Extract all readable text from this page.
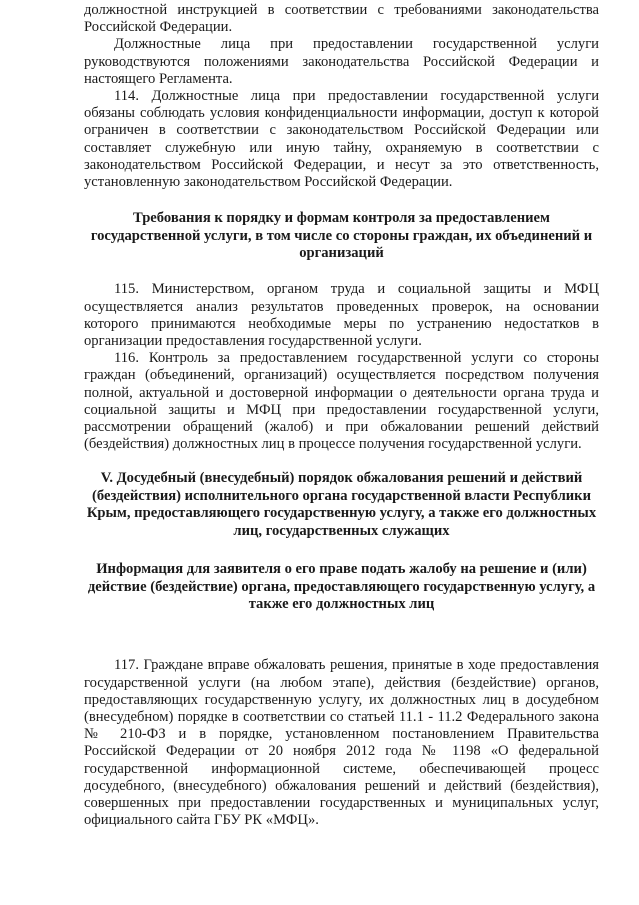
должностной инструкцией в соответствии с требованиями законодательства Российской Федерации.

Должностные лица при предоставлении государственной услуги руководствуются положениями законодательства Российской Федерации и настоящего Регламента.

114. Должностные лица при предоставлении государственной услуги обязаны соблюдать условия конфиденциальности информации, доступ к которой ограничен в соответствии с законодательством Российской Федерации или составляет служебную или иную тайну, охраняемую в соответствии с законодательством Российской Федерации, и несут за это ответственность, установленную законодательством Российской Федерации.

Требования к порядку и формам контроля за предоставлением государственной услуги, в том числе со стороны граждан, их объединений и организаций

115. Министерством, органом труда и социальной защиты и МФЦ осуществляется анализ результатов проведенных проверок, на основании которого принимаются необходимые меры по устранению недостатков в организации предоставления государственной услуги.

116. Контроль за предоставлением государственной услуги со стороны граждан (объединений, организаций) осуществляется посредством получения полной, актуальной и достоверной информации о деятельности органа труда и социальной защиты и МФЦ при предоставлении государственной услуги, рассмотрении обращений (жалоб) и при обжаловании решений действий (бездействия) должностных лиц в процессе получения государственной услуги.

V. Досудебный (внесудебный) порядок обжалования решений и действий (бездействия) исполнительного органа государственной власти Республики Крым, предоставляющего государственную услугу, а также его должностных лиц, государственных служащих
Информация для заявителя о его праве подать жалобу на решение и (или) действие (бездействие) органа, предоставляющего государственную услугу, а также его должностных лиц

117. Граждане вправе обжаловать решения, принятые в ходе предоставления государственной услуги (на любом этапе), действия (бездействие) органов, предоставляющих государственную услугу, их должностных лиц в досудебном (внесудебном) порядке в соответствии со статьей 11.1 - 11.2 Федерального закона № 210-ФЗ и в порядке, установленном постановлением Правительства Российской Федерации от 20 ноября 2012 года № 1198 «О федеральной государственной информационной системе, обеспечивающей процесс досудебного, (внесудебного) обжалования решений и действий (бездействия), совершенных при предоставлении государственных и муниципальных услуг, официального сайта ГБУ РК «МФЦ».
